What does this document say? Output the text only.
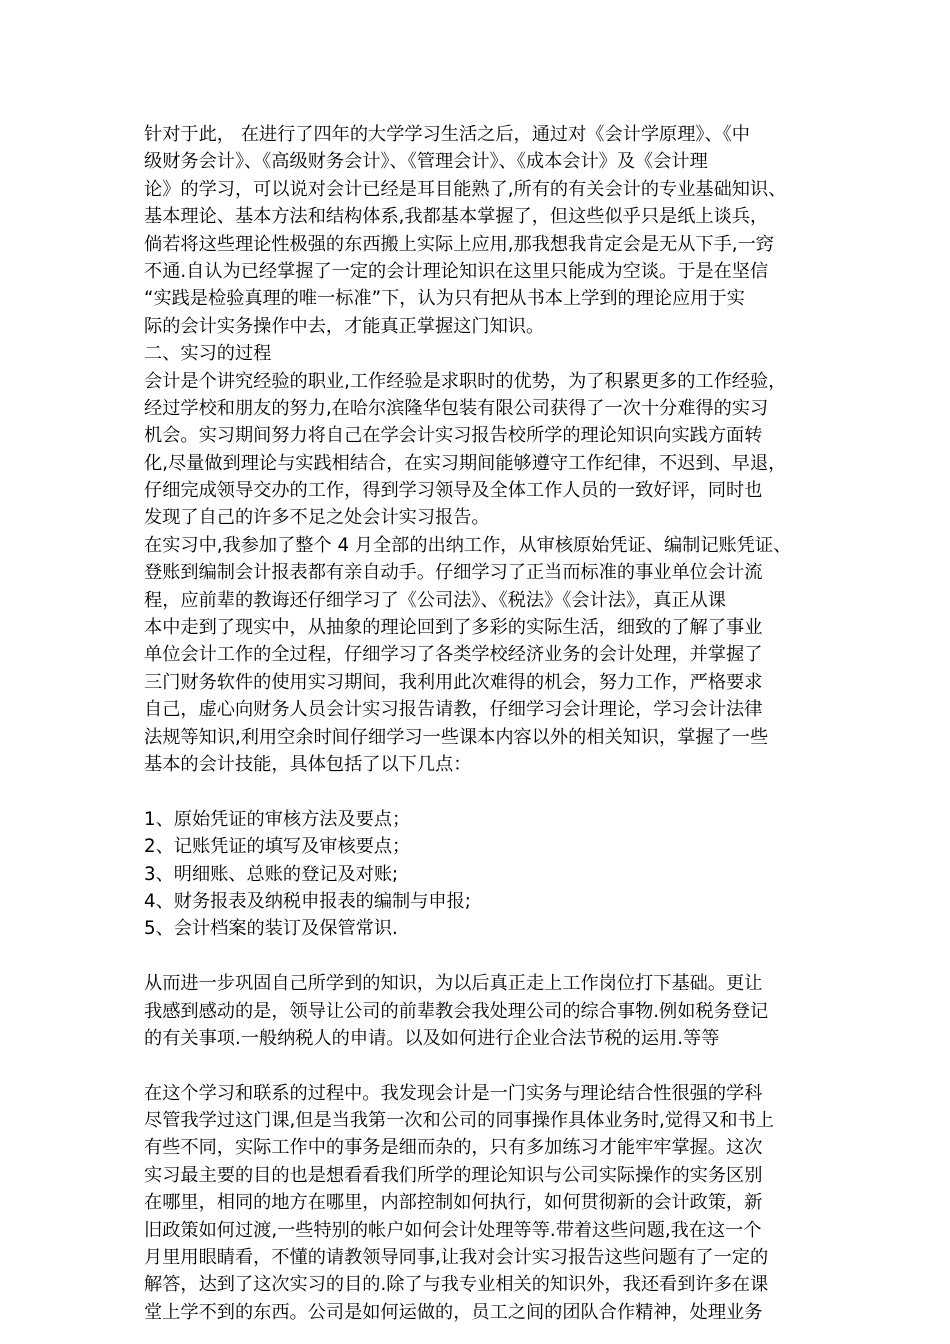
针对于此， 在进行了四年的大学学习生活之后，通过对《会计学原理》、《中
级财务会计》、《高级财务会计》、《管理会计》、《成本会计》及《会计理
论》的学习，可以说对会计已经是耳目能熟了,所有的有关会计的专业基础知识、
基本理论、基本方法和结构体系,我都基本掌握了，但这些似乎只是纸上谈兵，
倘若将这些理论性极强的东西搬上实际上应用,那我想我肯定会是无从下手,一窍
不通.自认为已经掌握了一定的会计理论知识在这里只能成为空谈。于是在坚信
“实践是检验真理的唯一标准”下，认为只有把从书本上学到的理论应用于实
际的会计实务操作中去，才能真正掌握这门知识。
二、实习的过程
会计是个讲究经验的职业,工作经验是求职时的优势，为了积累更多的工作经验，
经过学校和朋友的努力,在哈尔滨隆华包装有限公司获得了一次十分难得的实习
机会。实习期间努力将自己在学会计实习报告校所学的理论知识向实践方面转
化,尽量做到理论与实践相结合，在实习期间能够遵守工作纪律，不迟到、早退，
仔细完成领导交办的工作，得到学习领导及全体工作人员的一致好评，同时也
发现了自己的许多不足之处会计实习报告。
在实习中,我参加了整个 4 月全部的出纳工作，从审核原始凭证、编制记账凭证、
登账到编制会计报表都有亲自动手。仔细学习了正当而标准的事业单位会计流
程，应前辈的教诲还仔细学习了《公司法》、《税法》《会计法》，真正从课
本中走到了现实中，从抽象的理论回到了多彩的实际生活，细致的了解了事业
单位会计工作的全过程，仔细学习了各类学校经济业务的会计处理，并掌握了
三门财务软件的使用实习期间，我利用此次难得的机会，努力工作，严格要求
自己，虚心向财务人员会计实习报告请教，仔细学习会计理论，学习会计法律
法规等知识,利用空余时间仔细学习一些课本内容以外的相关知识，掌握了一些
基本的会计技能，具体包括了以下几点：
1、原始凭证的审核方法及要点；
2、记账凭证的填写及审核要点；
3、明细账、总账的登记及对账;
4、财务报表及纳税申报表的编制与申报;
5、会计档案的装订及保管常识.
从而进一步巩固自己所学到的知识，为以后真正走上工作岗位打下基础。更让
我感到感动的是，领导让公司的前辈教会我处理公司的综合事物.例如税务登记
的有关事项.一般纳税人的申请。以及如何进行企业合法节税的运用.等等
在这个学习和联系的过程中。我发现会计是一门实务与理论结合性很强的学科
尽管我学过这门课,但是当我第一次和公司的同事操作具体业务时,觉得又和书上
有些不同，实际工作中的事务是细而杂的，只有多加练习才能牢牢掌握。这次
实习最主要的目的也是想看看我们所学的理论知识与公司实际操作的实务区别
在哪里，相同的地方在哪里，内部控制如何执行，如何贯彻新的会计政策，新
旧政策如何过渡,一些特别的帐户如何会计处理等等.带着这些问题,我在这一个
月里用眼睛看，不懂的请教领导同事,让我对会计实习报告这些问题有了一定的
解答，达到了这次实习的目的.除了与我专业相关的知识外，我还看到许多在课
堂上学不到的东西。公司是如何运做的，员工之间的团队合作精神，处理业务
